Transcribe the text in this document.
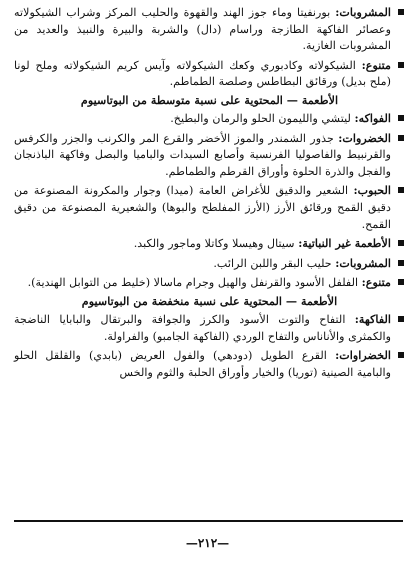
المشروبات: بورنفيتا وماء جوز الهند والقهوة والحليب المركز وشراب الشيكولاته وعصائر الفاكهة الطازجة وراسام (دال) والشربة والبيرة والنبيذ والعديد من المشروبات الغازية.
متنوع: الشيكولاته وكادبوري وكعك الشيكولاته وآيس كريم الشيكولاته وملح لونا (ملح بديل) ورقائق البطاطس وصلصة الطماطم.
الأطعمة — المحتوية على نسبة متوسطة من البوتاسيوم
الفواكه: ليتشي والليمون الحلو والرمان والبطيخ.
الخضروات: جذور الشمندر والموز الأخضر والقرع المر والكرنب والجزر والكرفس والقرنبيط والفاصوليا الفرنسية وأصابع السيدات والباميا والبصل وفاكهة الباذنجان والفجل والذرة الحلوة وأوراق القرطم والطماطم.
الحبوب: الشعير والدقيق للأغراض العامة (ميدا) وجوار والمكرونة المصنوعة من دقيق القمح ورقائق الأرز (الأرز المفلطح والبوها) والشعيرية المصنوعة من دقيق القمح.
الأطعمة غير النباتية: سيتال وهيسلا وكاتلا وماجور والكبد.
المشروبات: حليب البقر واللبن الرائب.
متنوع: الفلفل الأسود والقرنفل والهيل وجرام ماسالا (خليط من التوابل الهندية).
الأطعمة — المحتوية على نسبة منخفضة من البوتاسيوم
الفاكهة: التفاح والتوت الأسود والكرز والجوافة والبرتقال والبابايا الناضجة والكمثرى والأناناس والتفاح الوردي (الفاكهة الجامبو) والفراولة.
الخضراوات: القرع الطويل (دودهي) والفول العريض (بابدي) والقلقل الحلو والبامية الصينية (توريا) والخيار وأوراق الحلبة والثوم والخس
—٢١٢—
